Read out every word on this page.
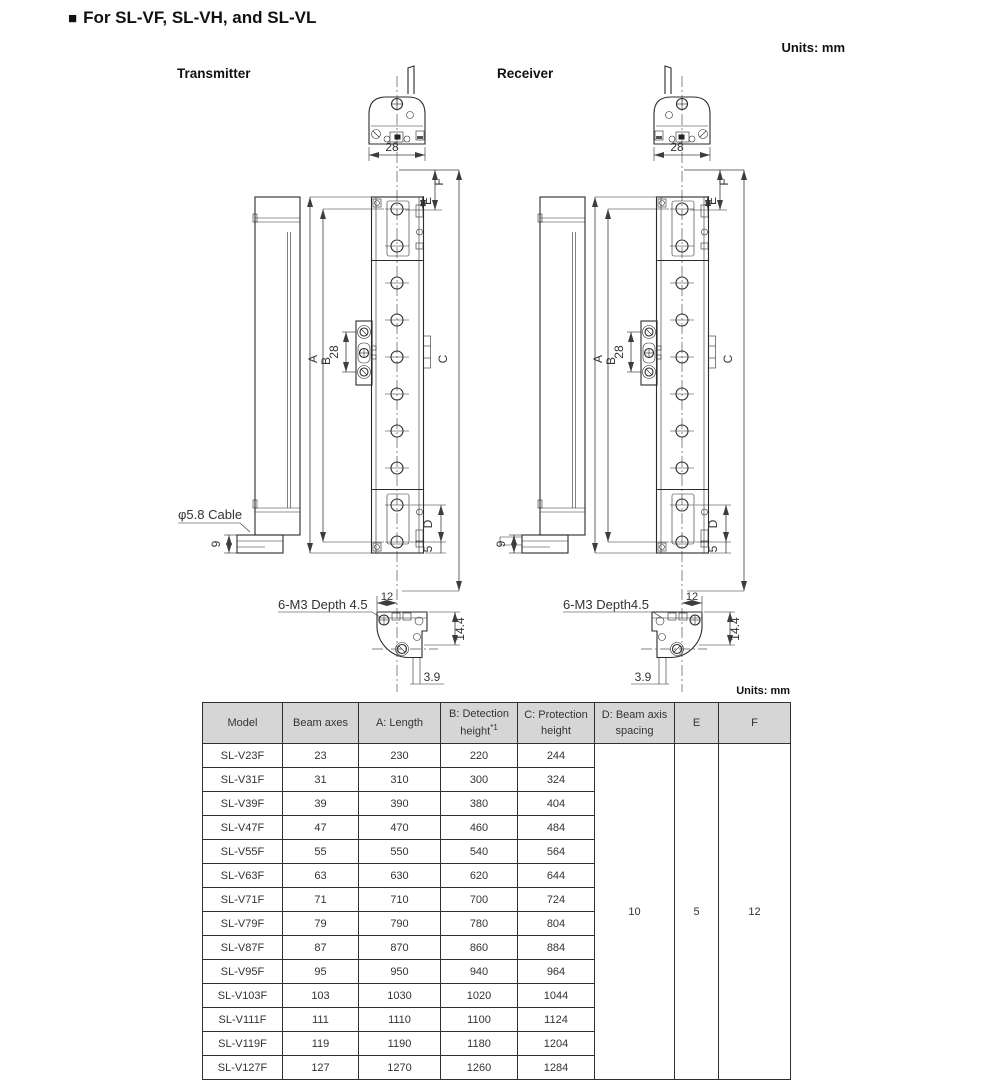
■ For SL-VF, SL-VH, and SL-VL
Units: mm
Transmitter	Receiver
28
E
F
28
A B	C
D
5
9
φ5.8 Cable
12
6-M3 Depth 4.5
14.4
3.9
28
E
F
28
A B	C
D
5
9
12
6-M3 Depth4.5
14.4
3.9
Units: mm
Model	Beam axes	A: Length	B: Detection
height$^{*1}$	C: Protection
height	D: Beam axis
spacing	E	F
SL-V23F	23	230	220	244	10	5	12
SL-V31F	31	310	300	324			
SL-V39F	39	390	380	404			
SL-V47F	47	470	460	484			
SL-V55F	55	550	540	564			
SL-V63F	63	630	620	644			
SL-V71F	71	710	700	724			
SL-V79F	79	790	780	804			
SL-V87F	87	870	860	884			
SL-V95F	95	950	940	964			
SL-V103F	103	1030	1020	1044			
SL-V111F	111	1110	1100	1124			
SL-V119F	119	1190	1180	1204			
SL-V127F	127	1270	1260	1284			
